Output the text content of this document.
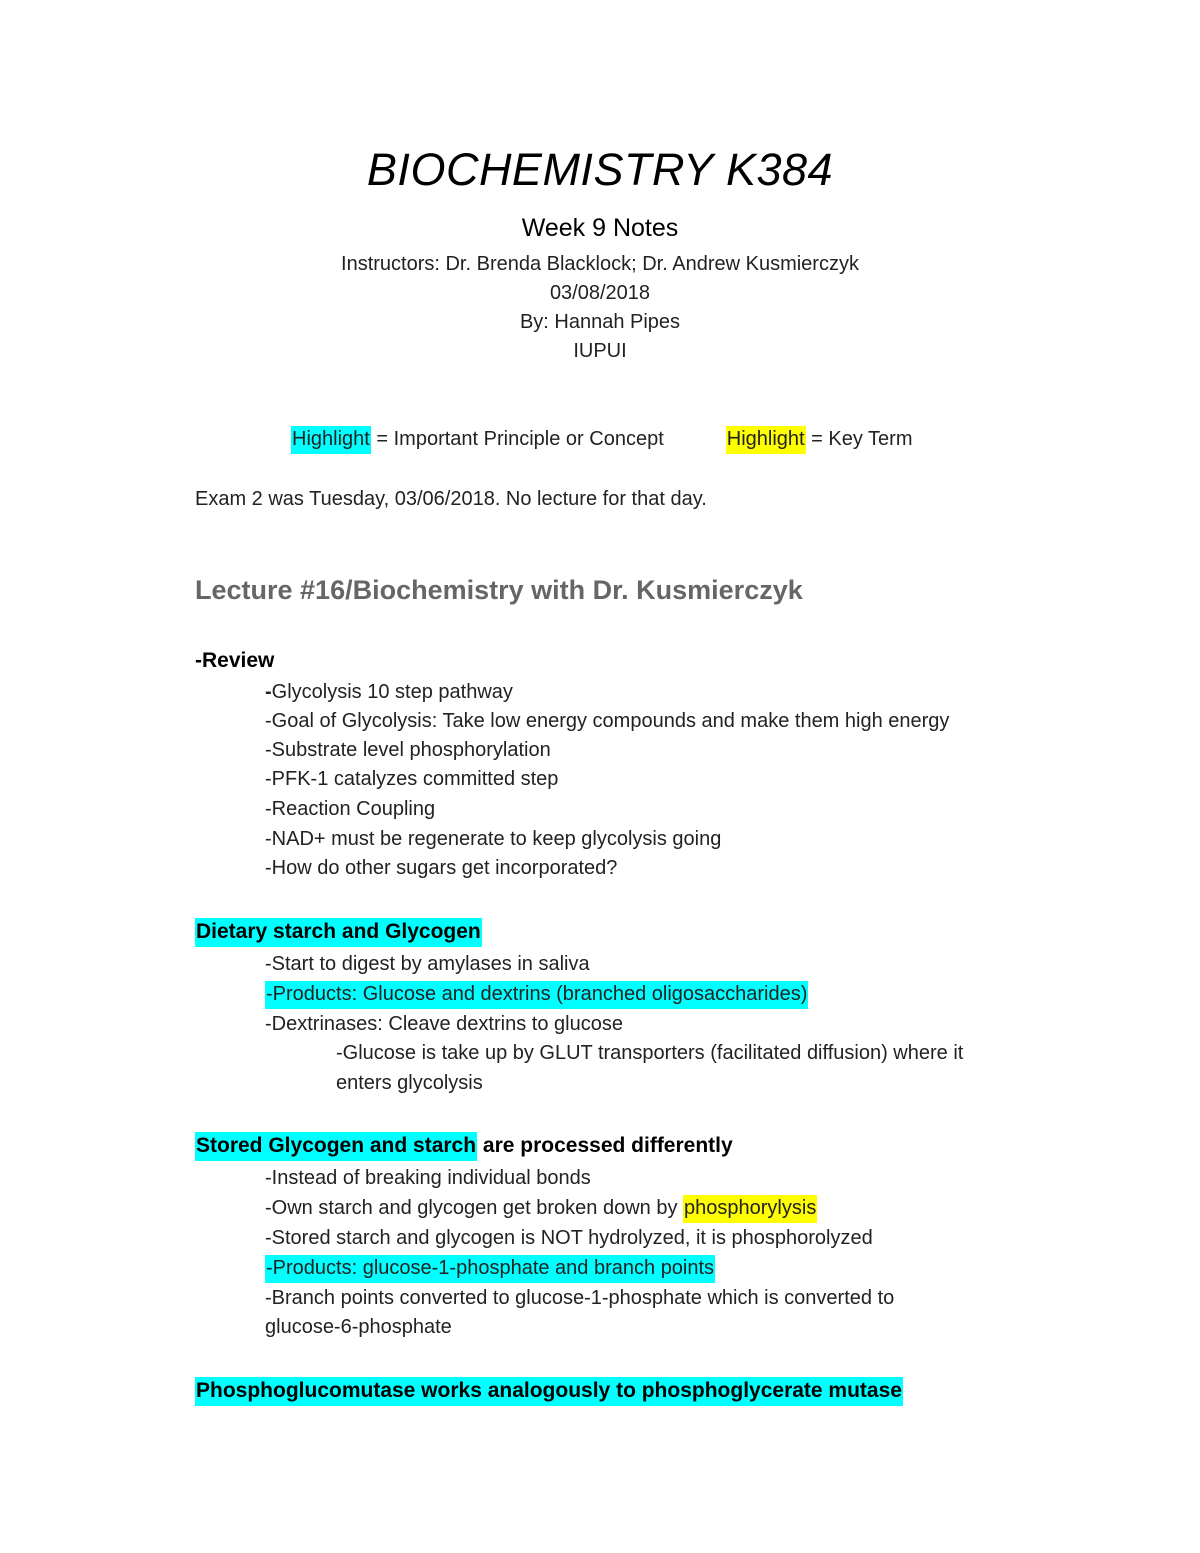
BIOCHEMISTRY K384
Week 9 Notes
Instructors: Dr. Brenda Blacklock; Dr. Andrew Kusmierczyk
03/08/2018
By: Hannah Pipes
IUPUI
Highlight = Important Principle or Concept	Highlight = Key Term
Exam 2 was Tuesday, 03/06/2018. No lecture for that day.
Lecture #16/Biochemistry with Dr. Kusmierczyk
-Review
-Glycolysis 10 step pathway
-Goal of Glycolysis: Take low energy compounds and make them high energy
-Substrate level phosphorylation
-PFK-1 catalyzes committed step
-Reaction Coupling
-NAD+ must be regenerate to keep glycolysis going
-How do other sugars get incorporated?
Dietary starch and Glycogen
-Start to digest by amylases in saliva
-Products: Glucose and dextrins (branched oligosaccharides)
-Dextrinases: Cleave dextrins to glucose
-Glucose is take up by GLUT transporters (facilitated diffusion) where it
enters glycolysis
Stored Glycogen and starch are processed differently
-Instead of breaking individual bonds
-Own starch and glycogen get broken down by phosphorylysis
-Stored starch and glycogen is NOT hydrolyzed, it is phosphorolyzed
-Products: glucose-1-phosphate and branch points
-Branch points converted to glucose-1-phosphate which is converted to
glucose-6-phosphate
Phosphoglucomutase works analogously to phosphoglycerate mutase
